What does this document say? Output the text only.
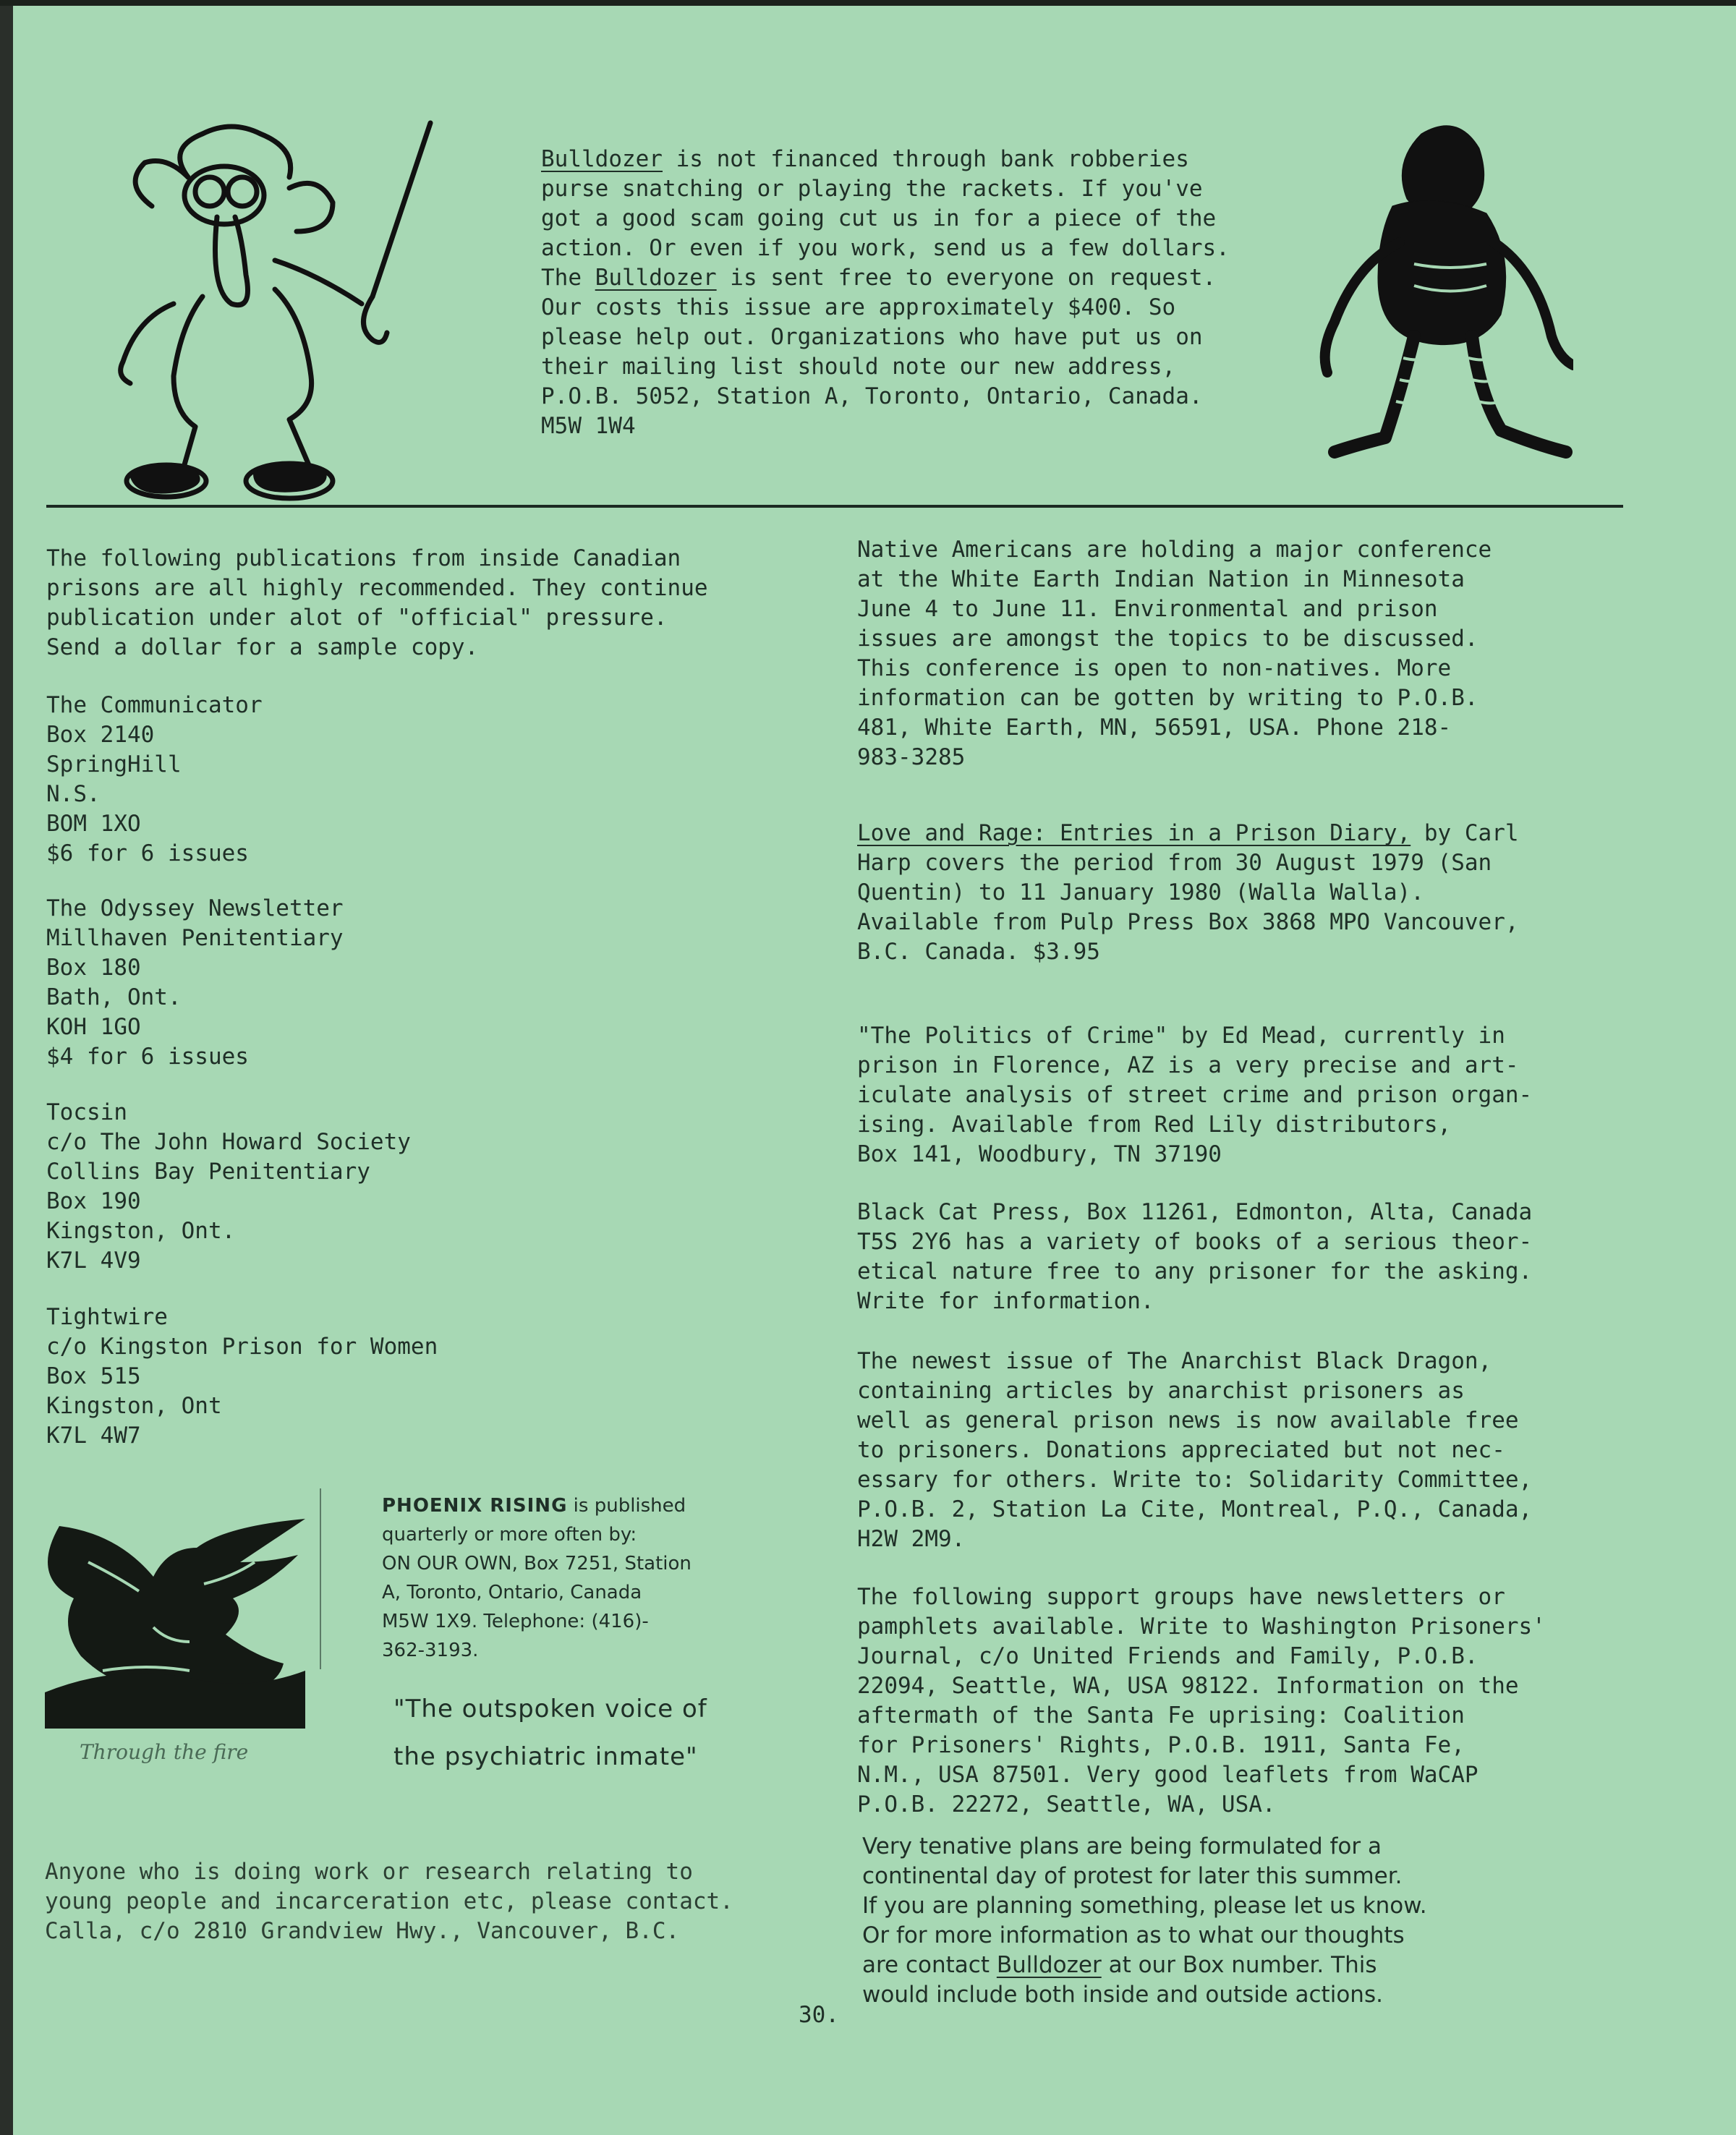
Bulldozer is not financed through bank robberies
purse snatching or playing the rackets. If you've
got a good scam going cut us in for a piece of the
action. Or even if you work, send us a few dollars.
The Bulldozer is sent free to everyone on request.
Our costs this issue are approximately $400. So
please help out. Organizations who have put us on
their mailing list should note our new address,
P.O.B. 5052, Station A, Toronto, Ontario, Canada.
M5W 1W4
The following publications from inside Canadian
prisons are all highly recommended. They continue
publication under alot of "official" pressure.
Send a dollar for a sample copy.
The Communicator
Box 2140
SpringHill
N.S.
BOM 1XO
$6 for 6 issues
The Odyssey Newsletter
Millhaven Penitentiary
Box 180
Bath, Ont.
KOH 1GO
$4 for 6 issues
Tocsin
c/o The John Howard Society
Collins Bay Penitentiary
Box 190
Kingston, Ont.
K7L 4V9
Tightwire
c/o Kingston Prison for Women
Box 515
Kingston, Ont
K7L 4W7
Through the fire
PHOENIX RISING is published
quarterly or more often by:
ON OUR OWN, Box 7251, Station
A, Toronto, Ontario, Canada
M5W 1X9. Telephone: (416)-
362-3193.
"The outspoken voice of
the psychiatric inmate"
Anyone who is doing work or research relating to
young people and incarceration etc, please contact.
Calla, c/o 2810 Grandview Hwy., Vancouver, B.C.
Native Americans are holding a major conference
at the White Earth Indian Nation in Minnesota
June 4 to June 11. Environmental and prison
issues are amongst the topics to be discussed.
This conference is open to non-natives. More
information can be gotten by writing to P.O.B.
481, White Earth, MN, 56591, USA. Phone 218-
983-3285
Love and Rage: Entries in a Prison Diary, by Carl
Harp covers the period from 30 August 1979 (San
Quentin) to 11 January 1980 (Walla Walla).
Available from Pulp Press Box 3868 MPO Vancouver,
B.C. Canada. $3.95
"The Politics of Crime" by Ed Mead, currently in
prison in Florence, AZ is a very precise and art-
iculate analysis of street crime and prison organ-
ising. Available from Red Lily distributors,
Box 141, Woodbury, TN 37190
Black Cat Press, Box 11261, Edmonton, Alta, Canada
T5S 2Y6 has a variety of books of a serious theor-
etical nature free to any prisoner for the asking.
Write for information.
The newest issue of The Anarchist Black Dragon,
containing articles by anarchist prisoners as
well as general prison news is now available free
to prisoners. Donations appreciated but not nec-
essary for others. Write to: Solidarity Committee,
P.O.B. 2, Station La Cite, Montreal, P.Q., Canada,
H2W 2M9.
The following support groups have newsletters or
pamphlets available. Write to Washington Prisoners'
Journal, c/o United Friends and Family, P.O.B.
22094, Seattle, WA, USA 98122. Information on the
aftermath of the Santa Fe uprising: Coalition
for Prisoners' Rights, P.O.B. 1911, Santa Fe,
N.M., USA 87501. Very good leaflets from WaCAP
P.O.B. 22272, Seattle, WA, USA.
Very tenative plans are being formulated for a
continental day of protest for later this summer.
If you are planning something, please let us know.
Or for more information as to what our thoughts
are contact Bulldozer at our Box number. This
would include both inside and outside actions.
30.
